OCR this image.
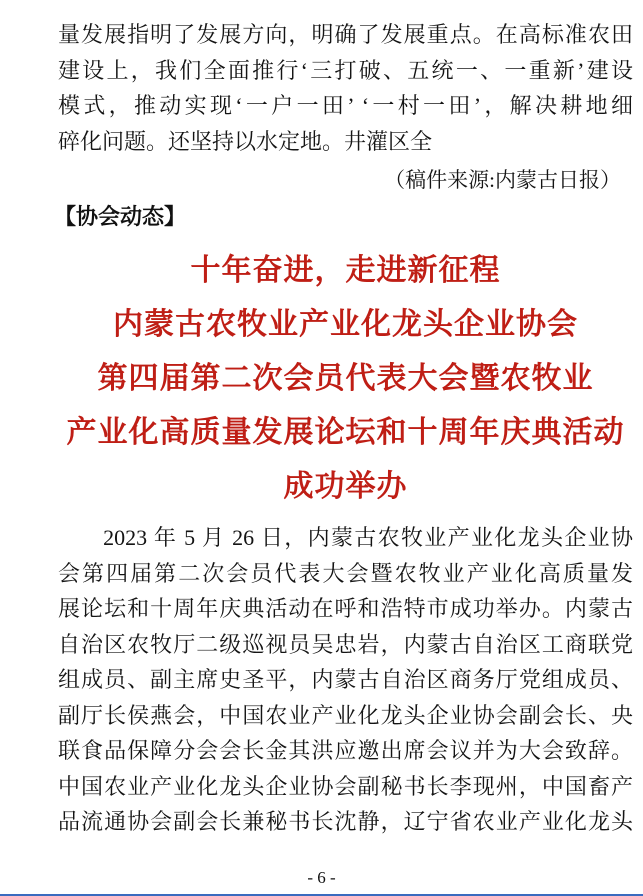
量发展指明了发展方向，明确了发展重点。在高标准农田
建设上，我们全面推行‘三打破、五统一、一重新’建设
模式，推动实现‘一户一田’ ‘一村一田’，解决耕地细
碎化问题。还坚持以水定地。井灌区全
（稿件来源:内蒙古日报）
【协会动态】
十年奋进，走进新征程
内蒙古农牧业产业化龙头企业协会
第四届第二次会员代表大会暨农牧业
产业化高质量发展论坛和十周年庆典活动
成功举办
2023 年 5 月 26 日，内蒙古农牧业产业化龙头企业协
会第四届第二次会员代表大会暨农牧业产业化高质量发
展论坛和十周年庆典活动在呼和浩特市成功举办。内蒙古
自治区农牧厅二级巡视员吴忠岩，内蒙古自治区工商联党
组成员、副主席史圣平，内蒙古自治区商务厅党组成员、
副厅长侯燕会，中国农业产业化龙头企业协会副会长、央
联食品保障分会会长金其洪应邀出席会议并为大会致辞。
中国农业产业化龙头企业协会副秘书长李现州，中国畜产
品流通协会副会长兼秘书长沈静，辽宁省农业产业化龙头
- 6 -
